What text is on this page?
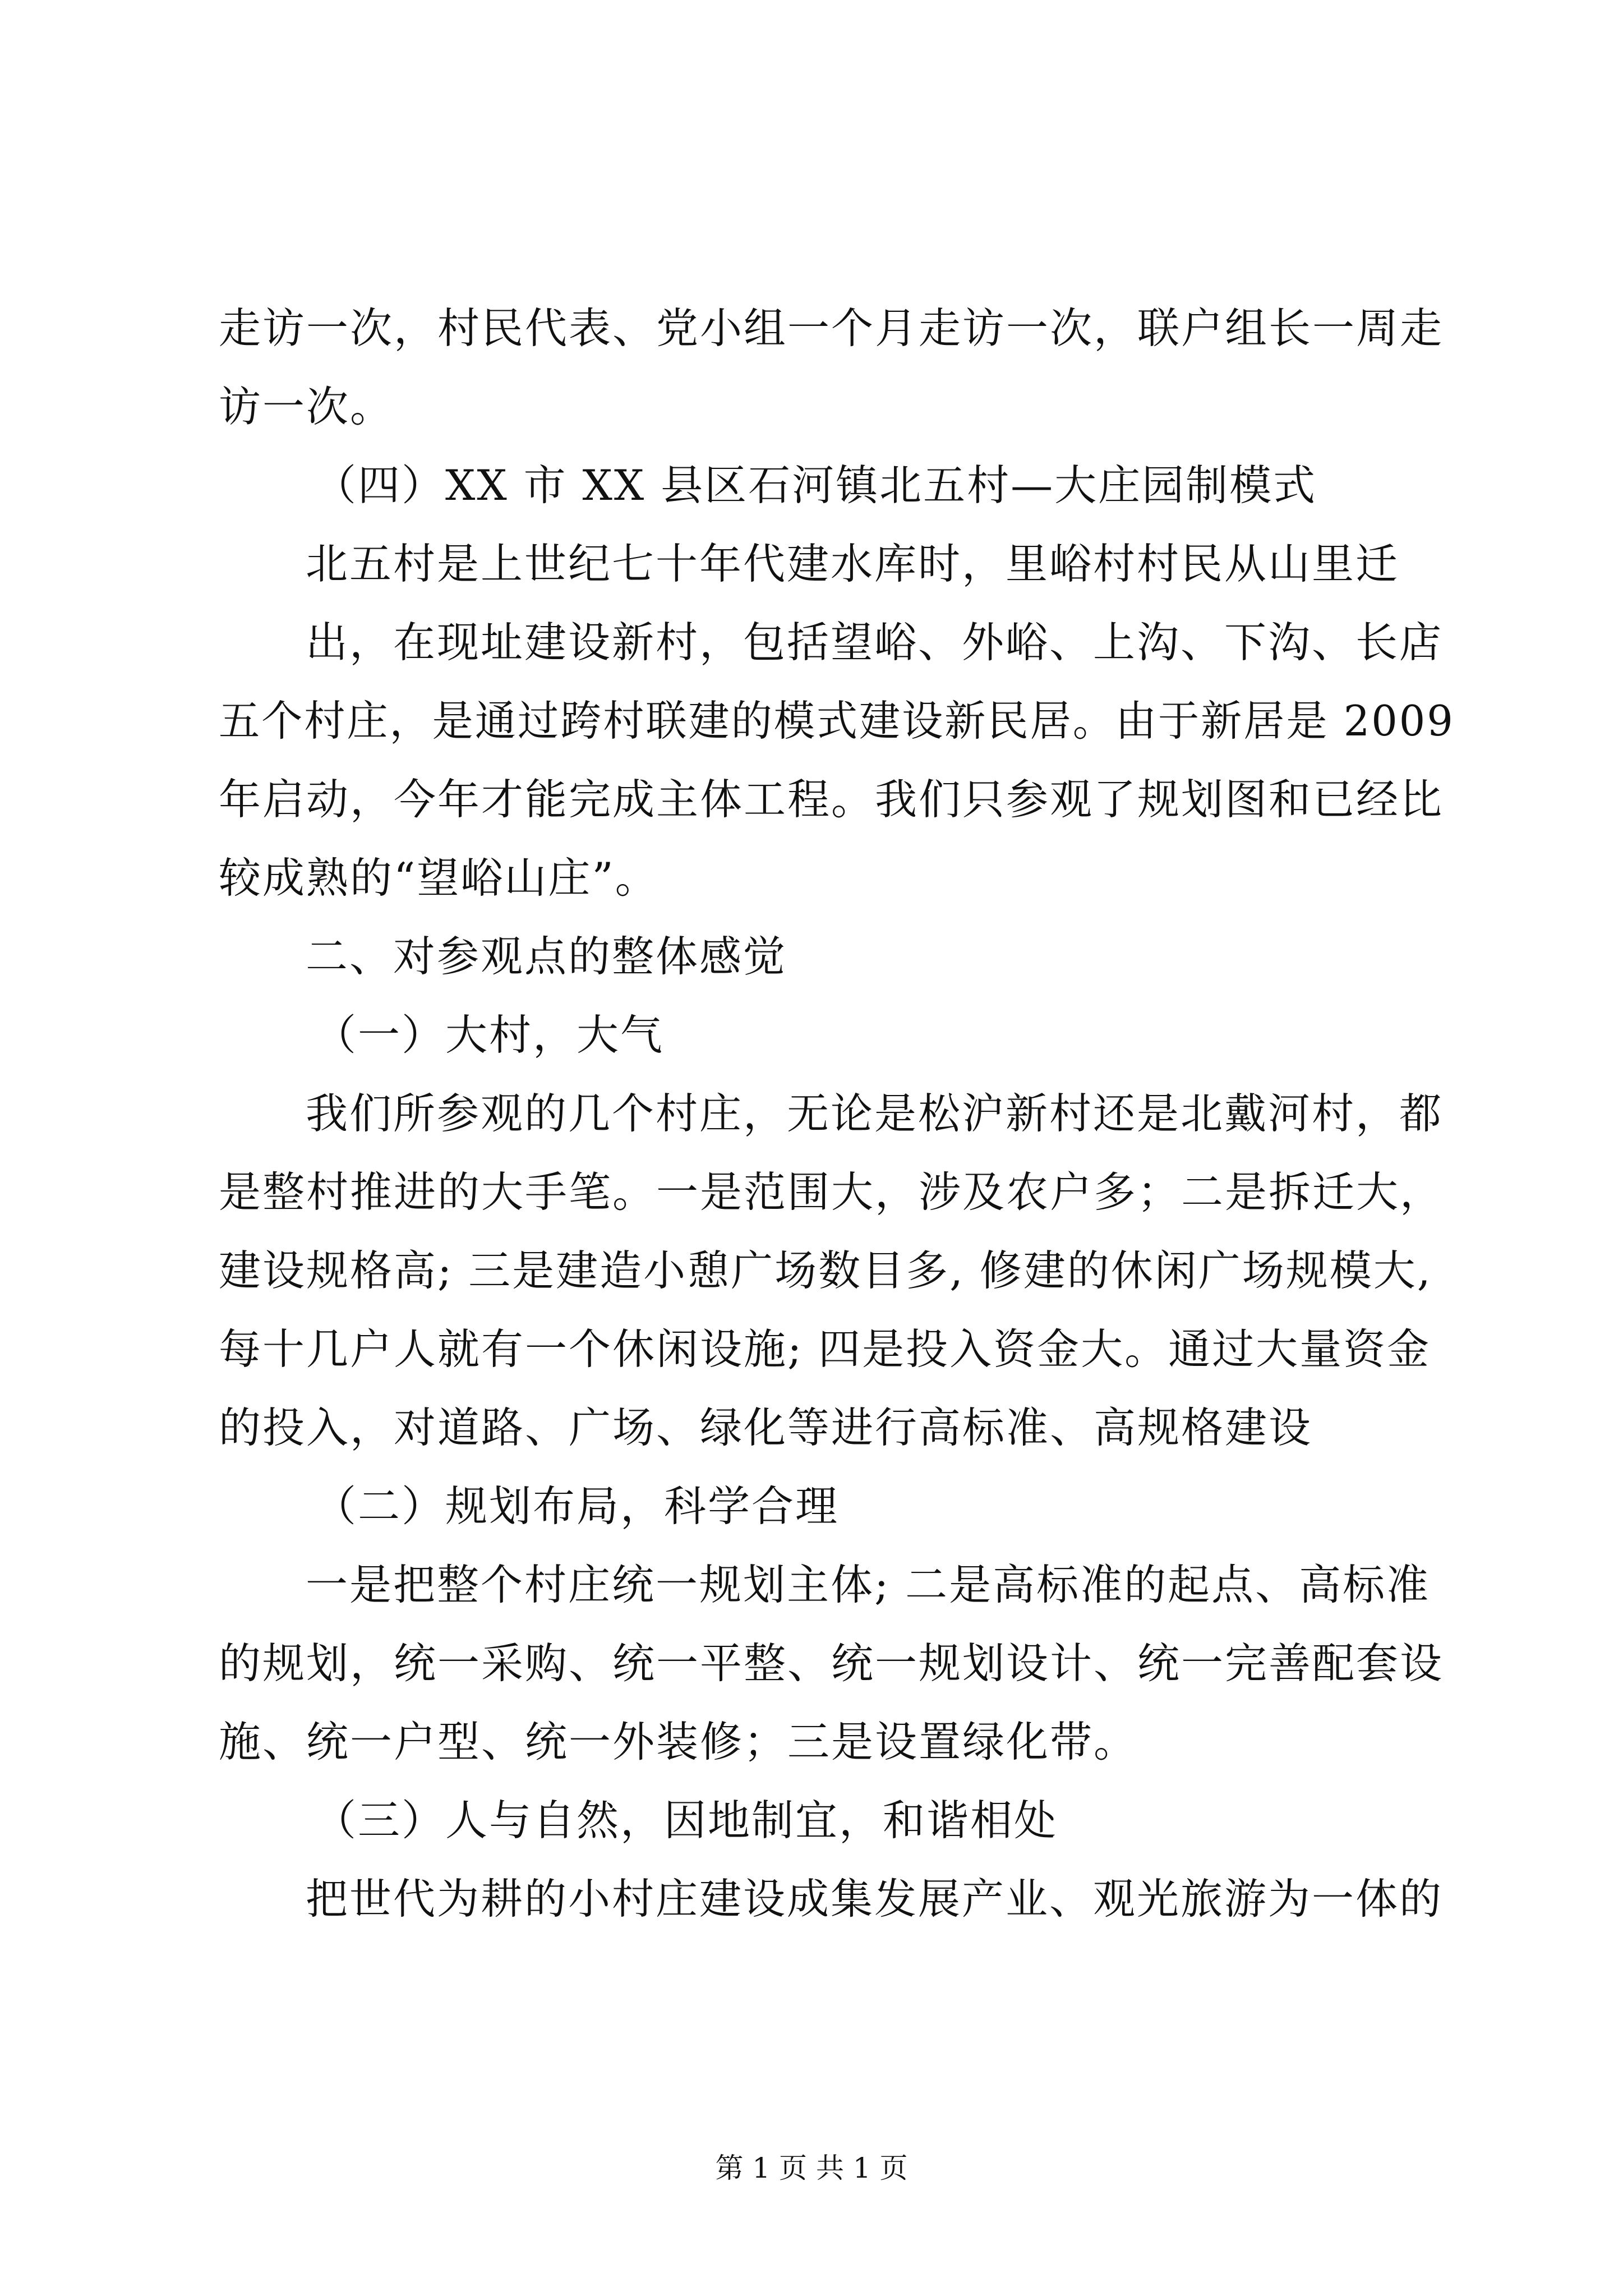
走访一次，村民代表、党小组一个月走访一次，联户组长一周走
访一次。
（四）XX 市 XX 县区石河镇北五村—大庄园制模式
北五村是上世纪七十年代建水库时，里峪村村民从山里迁
出，在现址建设新村，包括望峪、外峪、上沟、下沟、长店
五个村庄，是通过跨村联建的模式建设新民居。由于新居是 2009
年启动，今年才能完成主体工程。我们只参观了规划图和已经比
较成熟的“望峪山庄”。
二、对参观点的整体感觉
（一）大村，大气
我们所参观的几个村庄，无论是松沪新村还是北戴河村，都
是整村推进的大手笔。一是范围大，涉及农户多；二是拆迁大，
建设规格高; 三是建造小憩广场数目多, 修建的休闲广场规模大,
每十几户人就有一个休闲设施; 四是投入资金大。通过大量资金
的投入，对道路、广场、绿化等进行高标准、高规格建设
（二）规划布局，科学合理
一是把整个村庄统一规划主体; 二是高标准的起点、高标准
的规划，统一采购、统一平整、统一规划设计、统一完善配套设
施、统一户型、统一外装修；三是设置绿化带。
（三）人与自然，因地制宜，和谐相处
把世代为耕的小村庄建设成集发展产业、观光旅游为一体的
第 1 页 共 1 页
